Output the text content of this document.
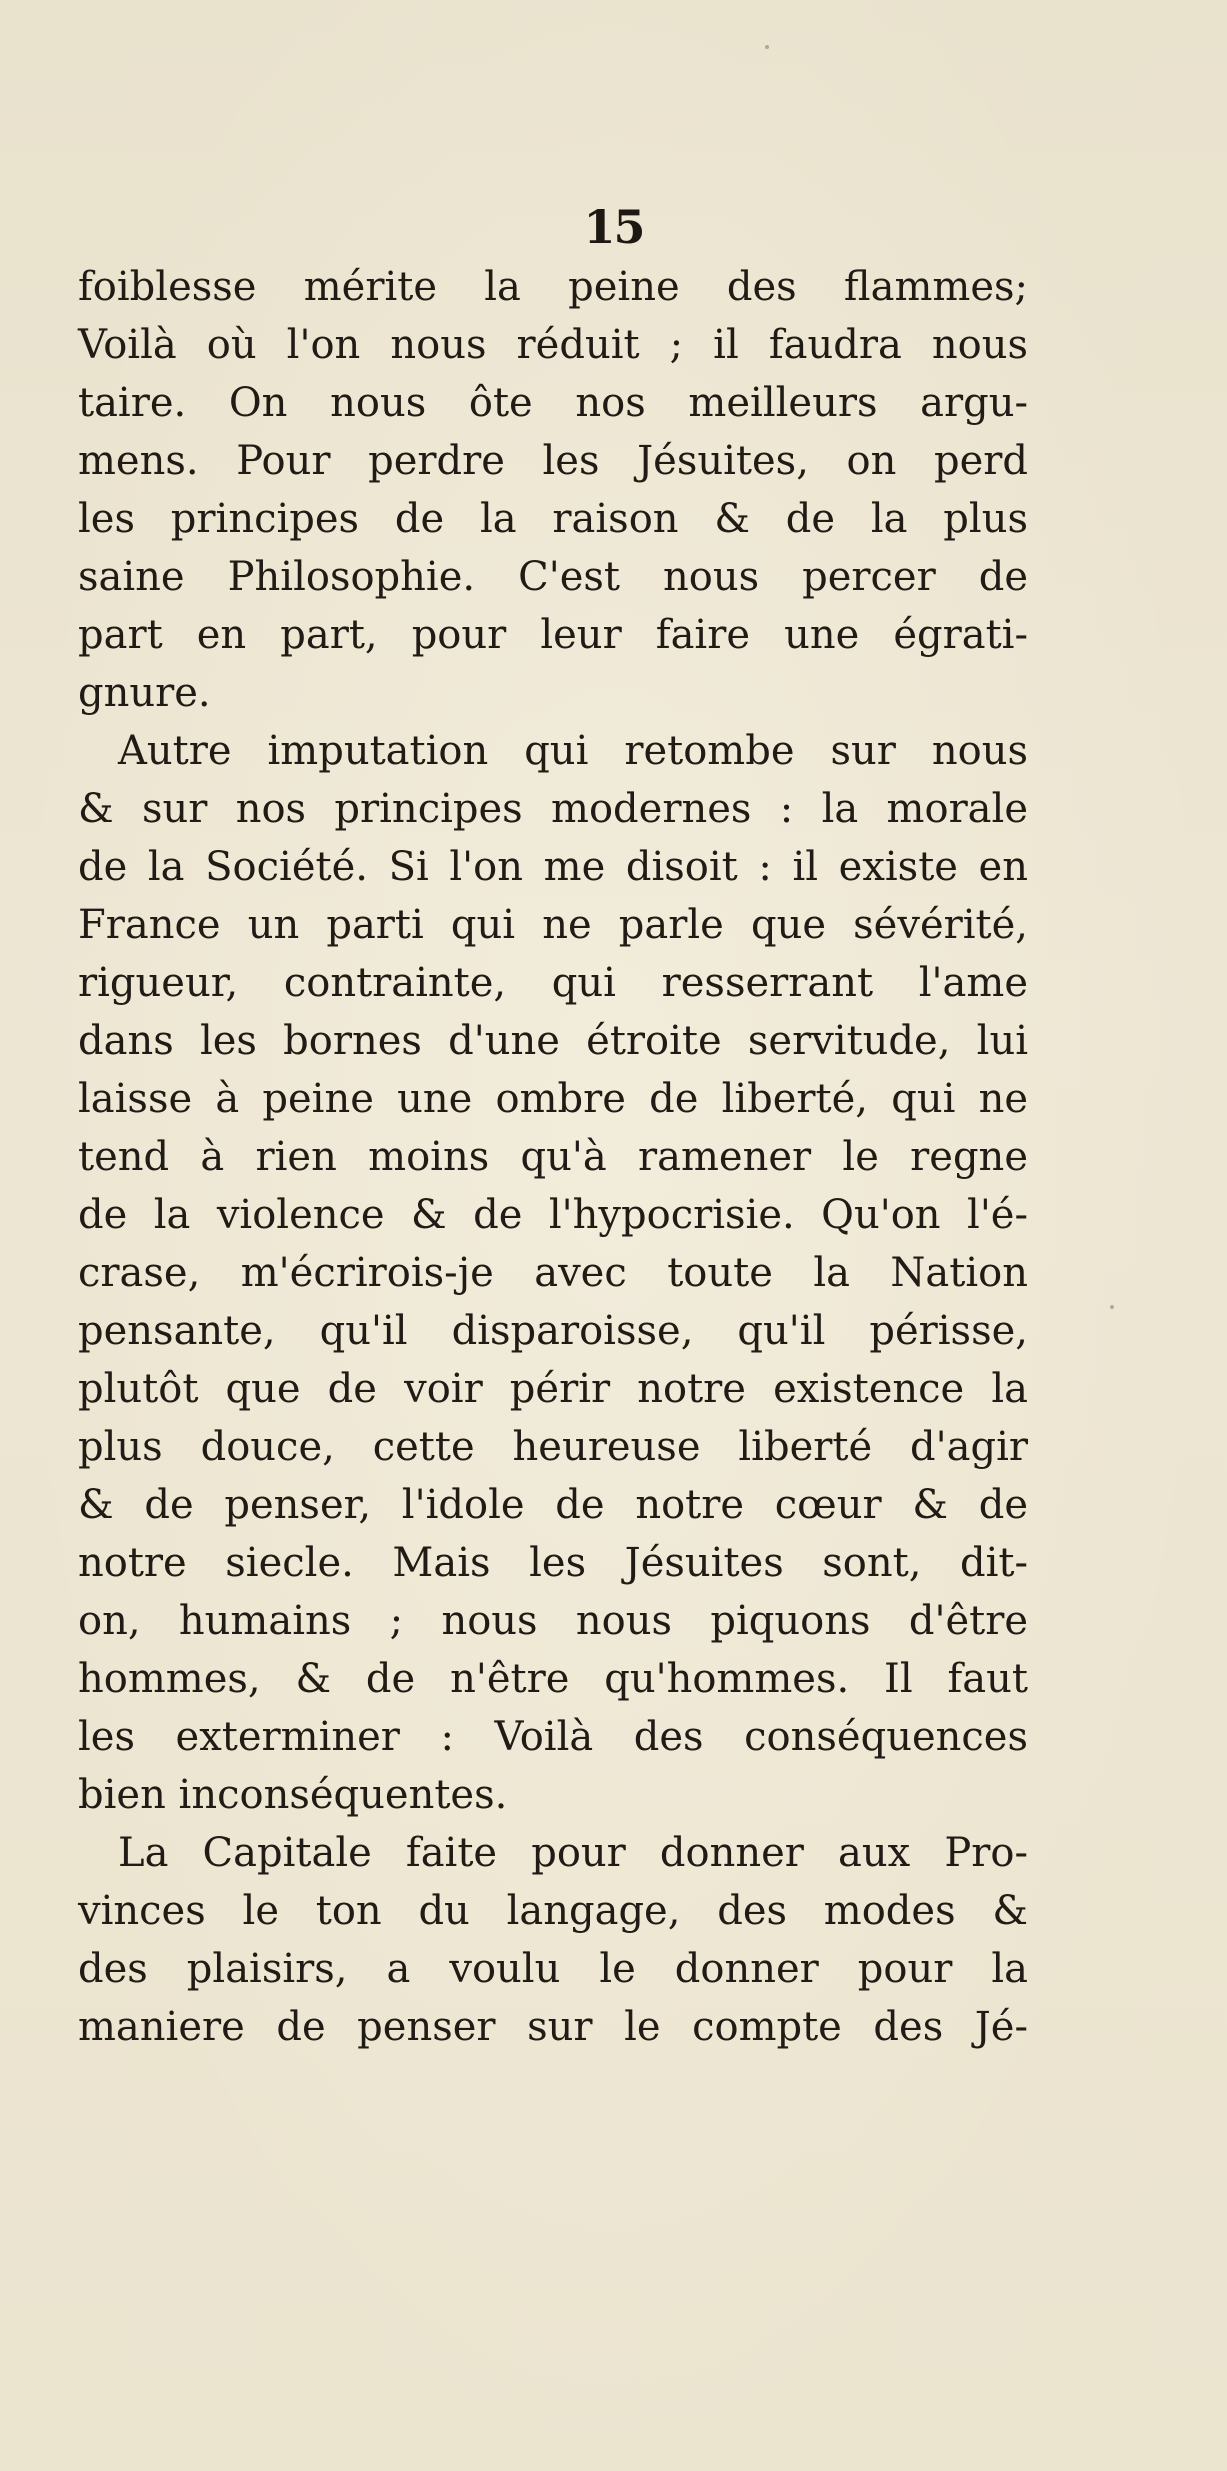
15
foiblesse mérite la peine des flammes;
Voilà où l'on nous réduit ; il faudra nous
taire. On nous ôte nos meilleurs argu-
mens. Pour perdre les Jésuites, on perd
les principes de la raison & de la plus
saine Philosophie. C'est nous percer de
part en part, pour leur faire une égrati-
gnure.
Autre imputation qui retombe sur nous
& sur nos principes modernes : la morale
de la Société. Si l'on me disoit : il existe en
France un parti qui ne parle que sévérité,
rigueur, contrainte, qui resserrant l'ame
dans les bornes d'une étroite servitude, lui
laisse à peine une ombre de liberté, qui ne
tend à rien moins qu'à ramener le regne
de la violence & de l'hypocrisie. Qu'on l'é-
crase, m'écrirois-je avec toute la Nation
pensante, qu'il disparoisse, qu'il périsse,
plutôt que de voir périr notre existence la
plus douce, cette heureuse liberté d'agir
& de penser, l'idole de notre cœur & de
notre siecle. Mais les Jésuites sont, dit-
on, humains ; nous nous piquons d'être
hommes, & de n'être qu'hommes. Il faut
les exterminer : Voilà des conséquences
bien inconséquentes.
La Capitale faite pour donner aux Pro-
vinces le ton du langage, des modes &
des plaisirs, a voulu le donner pour la
maniere de penser sur le compte des Jé-
